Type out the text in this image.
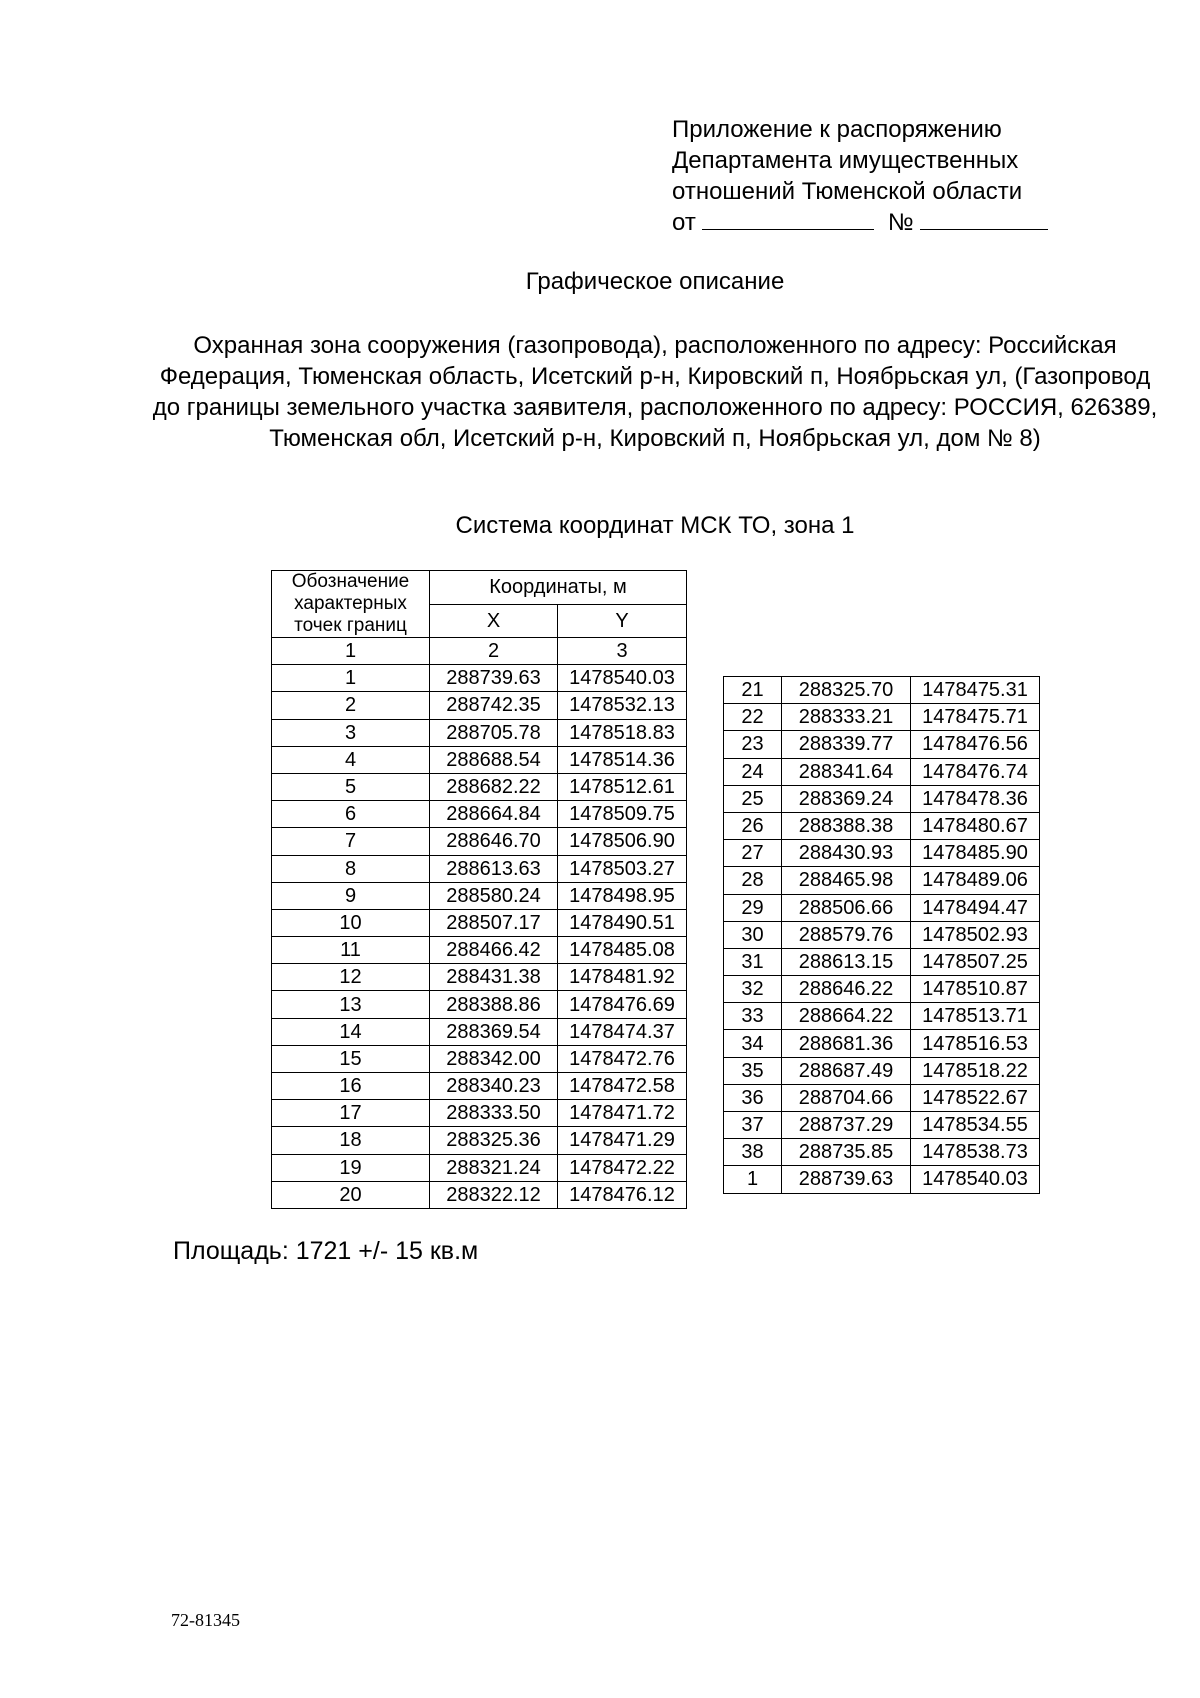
Приложение к распоряжению
Департамента имущественных
отношений Тюменской области
от	№
Графическое описание
Охранная зона сооружения (газопровода), расположенного по адресу: Российская Федерация, Тюменская область, Исетский р-н, Кировский п, Ноябрьская ул, (Газопровод до границы земельного участка заявителя, расположенного по адресу: РОССИЯ, 626389, Тюменская обл, Исетский р-н, Кировский п, Ноябрьская ул, дом № 8)
Система координат МСК ТО, зона 1
Обозначение характерных точек границ	Координаты, м	
	X	Y
1	2	3
1	288739.63	1478540.03
2	288742.35	1478532.13
3	288705.78	1478518.83
4	288688.54	1478514.36
5	288682.22	1478512.61
6	288664.84	1478509.75
7	288646.70	1478506.90
8	288613.63	1478503.27
9	288580.24	1478498.95
10	288507.17	1478490.51
11	288466.42	1478485.08
12	288431.38	1478481.92
13	288388.86	1478476.69
14	288369.54	1478474.37
15	288342.00	1478472.76
16	288340.23	1478472.58
17	288333.50	1478471.72
18	288325.36	1478471.29
19	288321.24	1478472.22
20	288322.12	1478476.12
21	288325.70	1478475.31
22	288333.21	1478475.71
23	288339.77	1478476.56
24	288341.64	1478476.74
25	288369.24	1478478.36
26	288388.38	1478480.67
27	288430.93	1478485.90
28	288465.98	1478489.06
29	288506.66	1478494.47
30	288579.76	1478502.93
31	288613.15	1478507.25
32	288646.22	1478510.87
33	288664.22	1478513.71
34	288681.36	1478516.53
35	288687.49	1478518.22
36	288704.66	1478522.67
37	288737.29	1478534.55
38	288735.85	1478538.73
1	288739.63	1478540.03
Площадь: 1721 +/- 15 кв.м
72-81345
